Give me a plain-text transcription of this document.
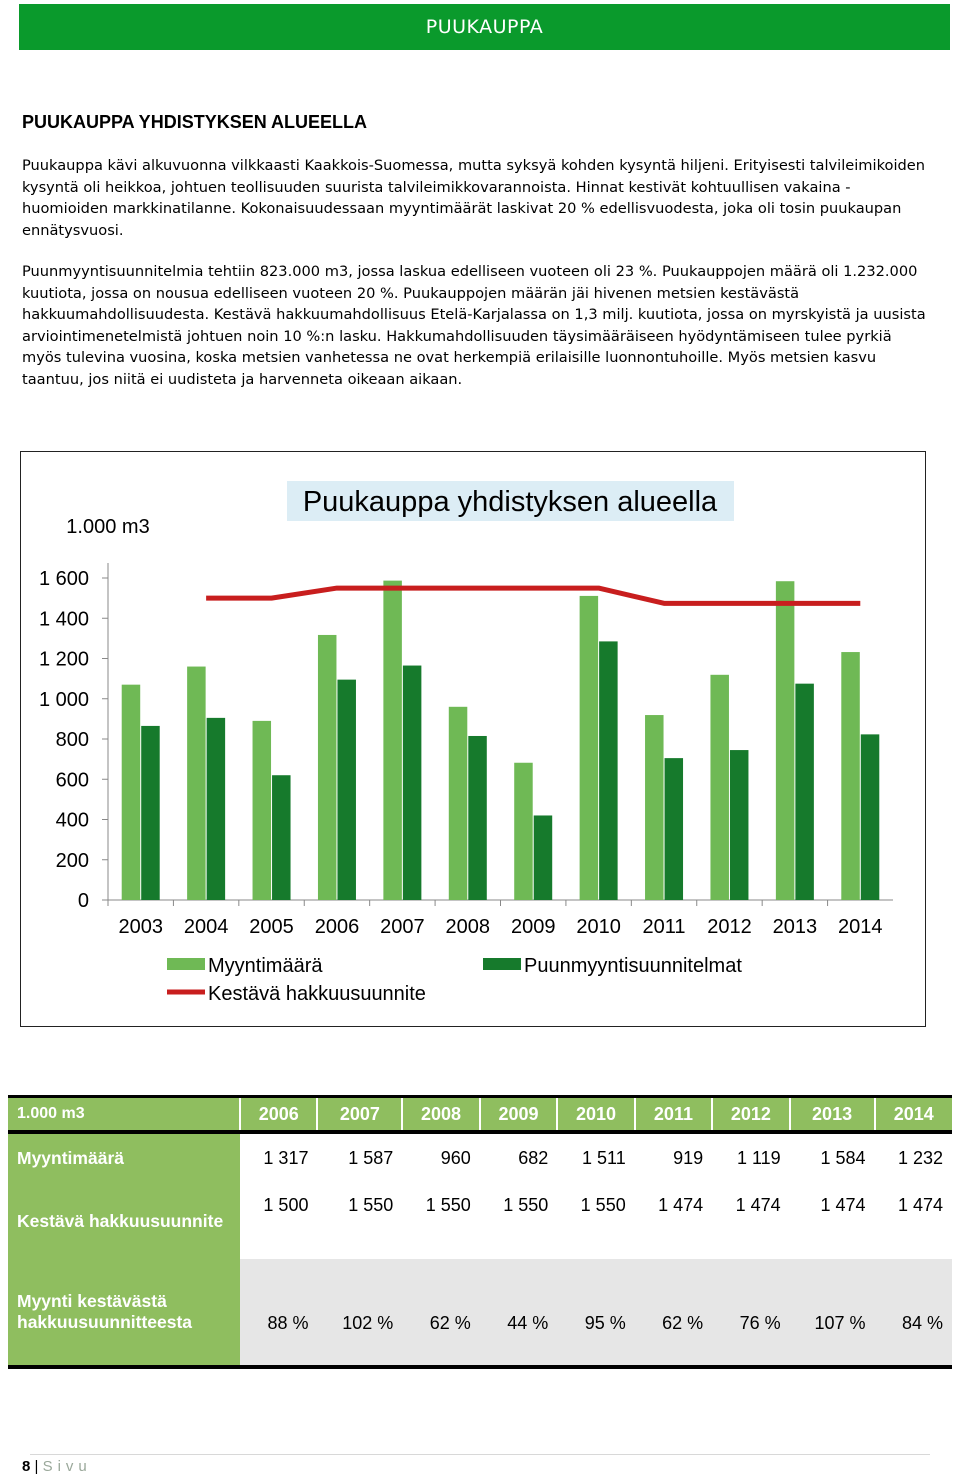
PUUKAUPPA
PUUKAUPPA YHDISTYKSEN ALUEELLA

Puukauppa kävi alkuvuonna vilkkaasti Kaakkois-Suomessa, mutta syksyä kohden kysyntä hiljeni. Erityisesti talvileimikoiden kysyntä oli heikkoa, johtuen teollisuuden suurista talvileimikkovarannoista. Hinnat kestivät kohtuullisen vakaina -huomioiden markkinatilanne. Kokonaisuudessaan myyntimäärät laskivat 20 % edellisvuodesta, joka oli tosin puukaupan ennätysvuosi.

Puunmyyntisuunnitelmia tehtiin 823.000 m3, jossa laskua edelliseen vuoteen oli 23 %. Puukauppojen määrä oli 1.232.000 kuutiota, jossa on nousua edelliseen vuoteen 20 %. Puukauppojen määrän jäi hivenen metsien kestävästä hakkuumahdollisuudesta. Kestävä hakkuumahdollisuus Etelä-Karjalassa on 1,3 milj. kuutiota, jossa on myrskyistä ja uusista arviointimenetelmistä johtuen noin 10 %:n lasku. Hakkumahdollisuuden täysimääräiseen hyödyntämiseen tulee pyrkiä myös tulevina vuosina, koska metsien vanhetessa ne ovat herkempiä erilaisille luonnontuhoille. Myös metsien kasvu taantuu, jos niitä ei uudisteta ja harvenneta oikeaan aikaan.

Puukauppa yhdistyksen alueella
1.000 m3
0
200
400
600
800
1 000
1 200
1 400
1 600
2003 2004 2005 2006 2007 2008 2009 2010 2011 2012 2013 2014
Myyntimäärä	Puunmyyntisuunnitelmat
Kestävä hakkuusuunnite
1.000 m3	2006	2007	2008	2009	2010	2011	2012	2013	2014
Myyntimäärä	1 317	1 587	960	682	1 511	919	1 119	1 584	1 232
Kestävä hakkuusuunnite	1 500	1 550	1 550	1 550	1 550	1 474	1 474	1 474	1 474
Myynti kestävästä hakkuusuunnitteesta	88 %	102 %	62 %	44 %	95 %	62 %	76 %	107 %	84 %
8 | Sivu
